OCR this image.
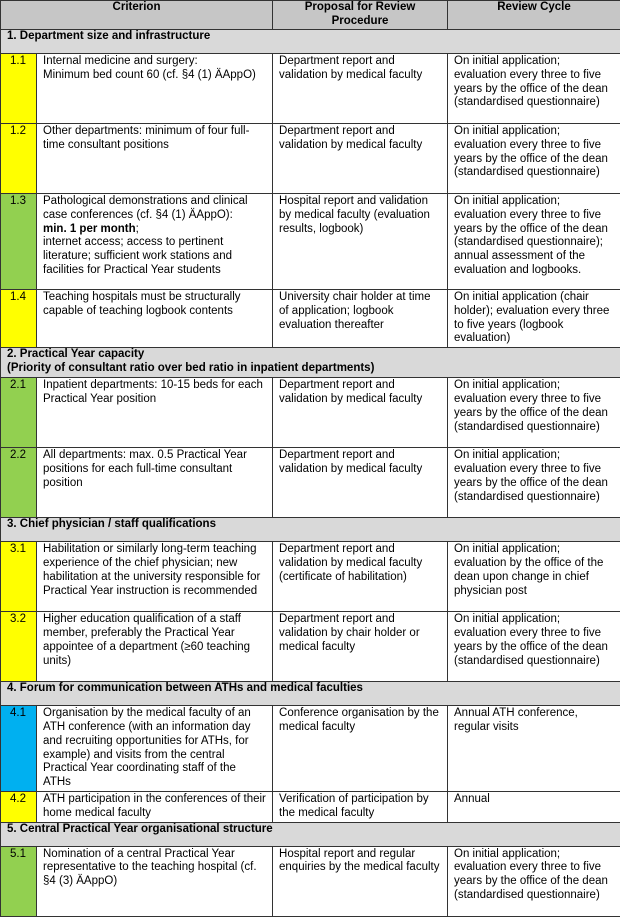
Criterion		Proposal for Review Procedure	Review Cycle
1. Department size and infrastructure			
1.1	Internal medicine and surgery:
Minimum bed count 60 (cf. §4 (1) ÄAppO)	Department report and validation by medical faculty	On initial application; evaluation every three to five years by the office of the dean (standardised questionnaire)
1.2	Other departments: minimum of four full-time consultant positions	Department report and validation by medical faculty	On initial application; evaluation every three to five years by the office of the dean (standardised questionnaire)
1.3	Pathological demonstrations and clinical case conferences (cf. §4 (1) ÄAppO):
min. 1 per month;
internet access; access to pertinent literature; sufficient work stations and facilities for Practical Year students	Hospital report and validation by medical faculty (evaluation results, logbook)	On initial application; evaluation every three to five years by the office of the dean (standardised questionnaire);
annual assessment of the evaluation and logbooks.
1.4	Teaching hospitals must be structurally capable of teaching logbook contents	University chair holder at time of application; logbook evaluation thereafter	On initial application (chair holder); evaluation every three to five years (logbook evaluation)
2. Practical Year capacity
(Priority of consultant ratio over bed ratio in inpatient departments)			
2.1	Inpatient departments: 10-15 beds for each Practical Year position	Department report and validation by medical faculty	On initial application; evaluation every three to five years by the office of the dean (standardised questionnaire)
2.2	All departments: max. 0.5 Practical Year positions for each full-time consultant position	Department report and validation by medical faculty	On initial application; evaluation every three to five years by the office of the dean (standardised questionnaire)
3. Chief physician / staff qualifications			
3.1	Habilitation or similarly long-term teaching experience of the chief physician; new habilitation at the university responsible for Practical Year instruction is recommended	Department report and validation by medical faculty (certificate of habilitation)	On initial application; evaluation by the office of the dean upon change in chief physician post
3.2	Higher education qualification of a staff member, preferably the Practical Year appointee of a department (≥60 teaching units)	Department report and validation by chair holder or medical faculty	On initial application; evaluation every three to five years by the office of the dean (standardised questionnaire)
4. Forum for communication between ATHs and medical faculties			
4.1	Organisation by the medical faculty of an ATH conference (with an information day and recruiting opportunities for ATHs, for example) and visits from the central Practical Year coordinating staff of the ATHs	Conference organisation by the medical faculty	Annual ATH conference, regular visits
4.2	ATH participation in the conferences of their home medical faculty	Verification of participation by the medical faculty	Annual
5. Central Practical Year organisational structure			
5.1	Nomination of a central Practical Year representative to the teaching hospital (cf. §4 (3) ÄAppO)	Hospital report and regular enquiries by the medical faculty	On initial application; evaluation every three to five years by the office of the dean (standardised questionnaire)
